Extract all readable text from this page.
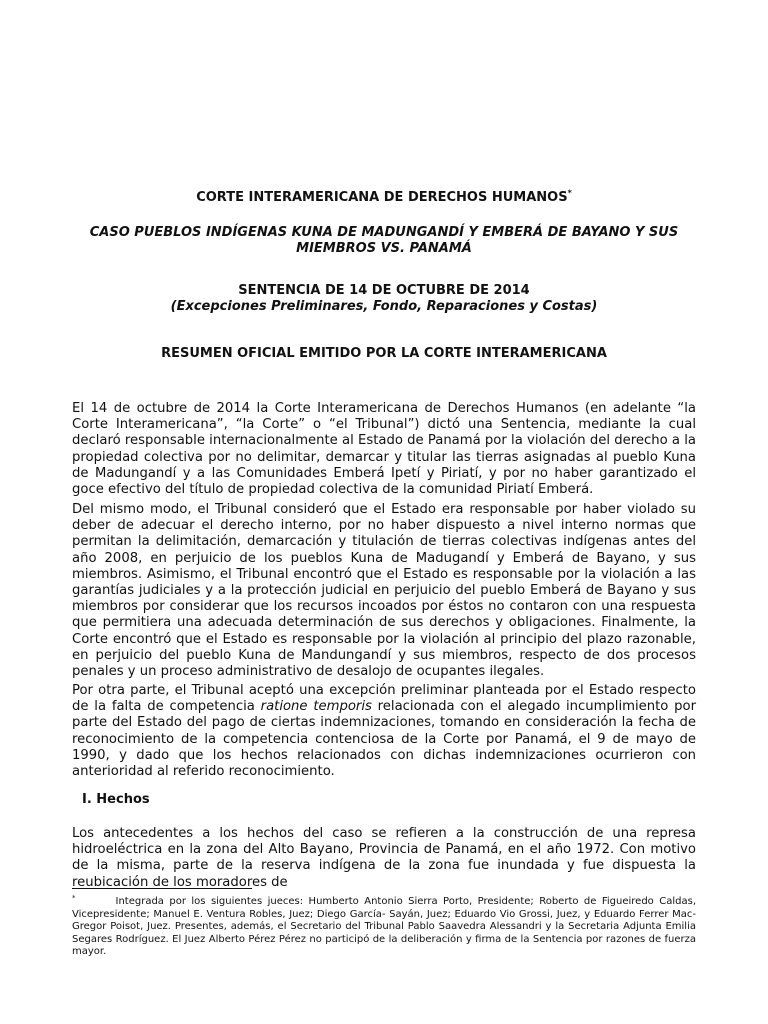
CORTE INTERAMERICANA DE DERECHOS HUMANOS*

CASO PUEBLOS INDÍGENAS KUNA DE MADUNGANDÍ Y EMBERÁ DE BAYANO Y SUS MIEMBROS VS. PANAMÁ

SENTENCIA DE 14 DE OCTUBRE DE 2014

(Excepciones Preliminares, Fondo, Reparaciones y Costas)

RESUMEN OFICIAL EMITIDO POR LA CORTE INTERAMERICANA

El 14 de octubre de 2014 la Corte Interamericana de Derechos Humanos (en adelante “la Corte Interamericana”, “la Corte” o “el Tribunal”) dictó una Sentencia, mediante la cual declaró responsable internacionalmente al Estado de Panamá por la violación del derecho a la propiedad colectiva por no delimitar, demarcar y titular las tierras asignadas al pueblo Kuna de Madungandí y a las Comunidades Emberá Ipetí y Piriatí, y por no haber garantizado el goce efectivo del título de propiedad colectiva de la comunidad Piriatí Emberá.

Del mismo modo, el Tribunal consideró que el Estado era responsable por haber violado su deber de adecuar el derecho interno, por no haber dispuesto a nivel interno normas que permitan la delimitación, demarcación y titulación de tierras colectivas indígenas antes del año 2008, en perjuicio de los pueblos Kuna de Madugandí y Emberá de Bayano, y sus miembros. Asimismo, el Tribunal encontró que el Estado es responsable por la violación a las garantías judiciales y a la protección judicial en perjuicio del pueblo Emberá de Bayano y sus miembros por considerar que los recursos incoados por éstos no contaron con una respuesta que permitiera una adecuada determinación de sus derechos y obligaciones. Finalmente, la Corte encontró que el Estado es responsable por la violación al principio del plazo razonable, en perjuicio del pueblo Kuna de Mandungandí y sus miembros, respecto de dos procesos penales y un proceso administrativo de desalojo de ocupantes ilegales.

Por otra parte, el Tribunal aceptó una excepción preliminar planteada por el Estado respecto de la falta de competencia ratione temporis relacionada con el alegado incumplimiento por parte del Estado del pago de ciertas indemnizaciones, tomando en consideración la fecha de reconocimiento de la competencia contenciosa de la Corte por Panamá, el 9 de mayo de 1990, y dado que los hechos relacionados con dichas indemnizaciones ocurrieron con anterioridad al referido reconocimiento.

I. Hechos

Los antecedentes a los hechos del caso se refieren a la construcción de una represa hidroeléctrica en la zona del Alto Bayano, Provincia de Panamá, en el año 1972. Con motivo de la misma, parte de la reserva indígena de la zona fue inundada y fue dispuesta la reubicación de los moradores de

*	Integrada por los siguientes jueces: Humberto Antonio Sierra Porto, Presidente; Roberto de Figueiredo Caldas, Vicepresidente; Manuel E. Ventura Robles, Juez; Diego García- Sayán, Juez; Eduardo Vio Grossi, Juez, y Eduardo Ferrer Mac-Gregor Poisot, Juez. Presentes, además, el Secretario del Tribunal Pablo Saavedra Alessandri y la Secretaria Adjunta Emilia Segares Rodríguez. El Juez Alberto Pérez Pérez no participó de la deliberación y firma de la Sentencia por razones de fuerza mayor.
